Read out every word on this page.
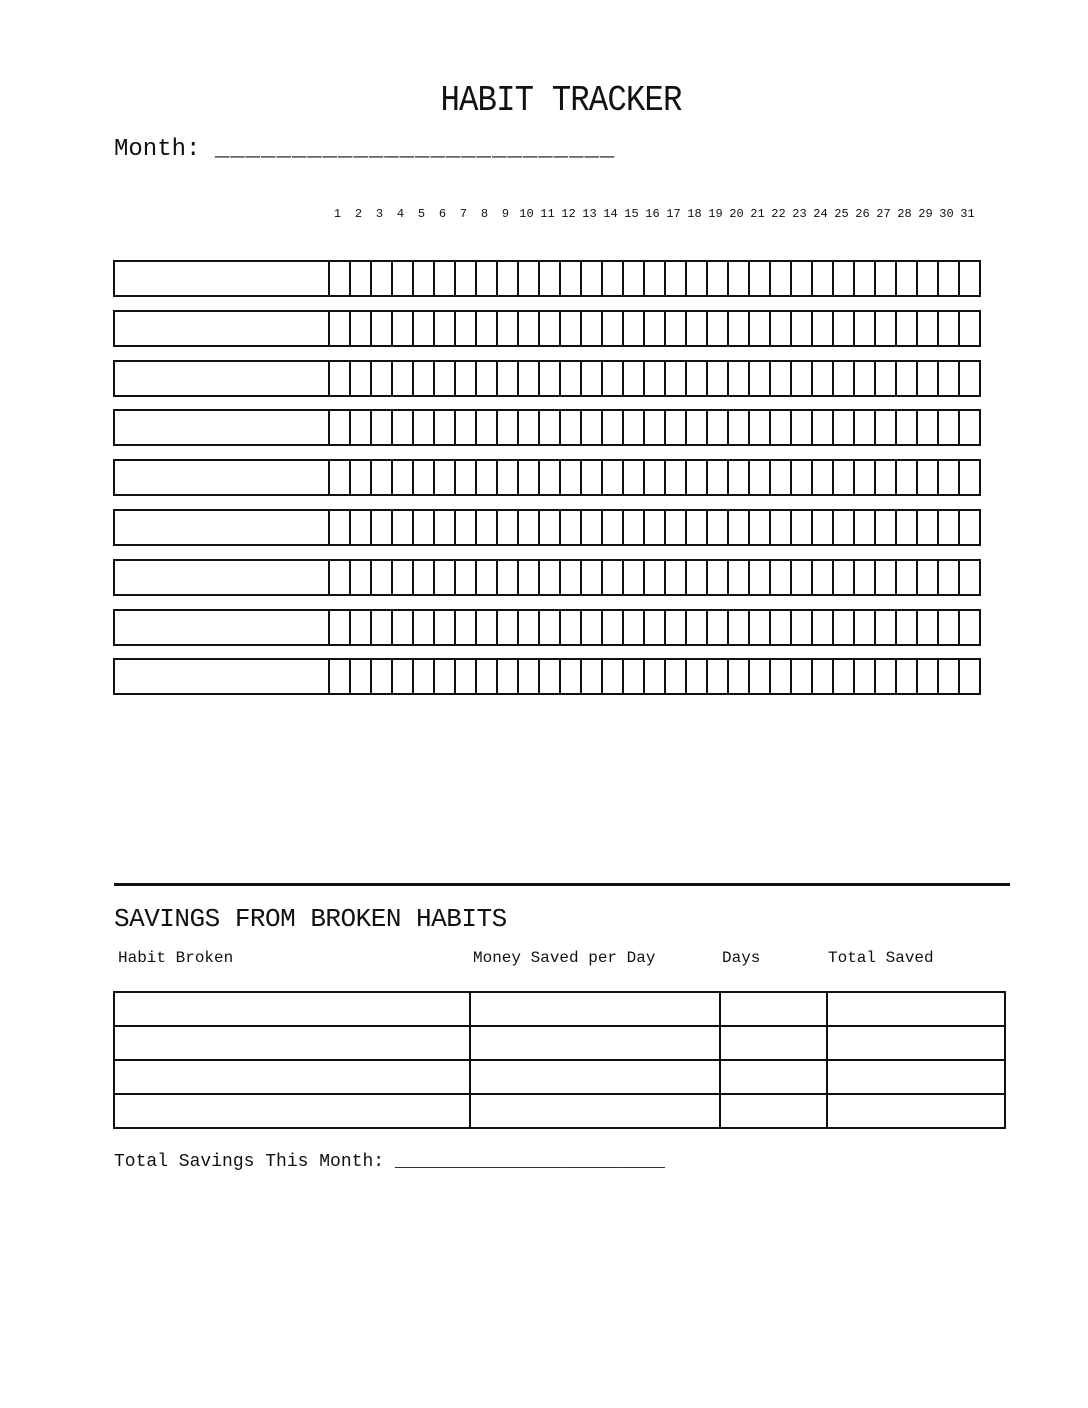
HABIT TRACKER
Month: __________________________
1	2	3	4	5	6	7	8	9 10 11 12 13 14 15 16 17 18 19 20 21 22 23 24 25 26 27 28 29 30 31
SAVINGS FROM BROKEN HABITS
Habit Broken	Money Saved per Day	Days	Total Saved

Total Savings This Month: _________________________
